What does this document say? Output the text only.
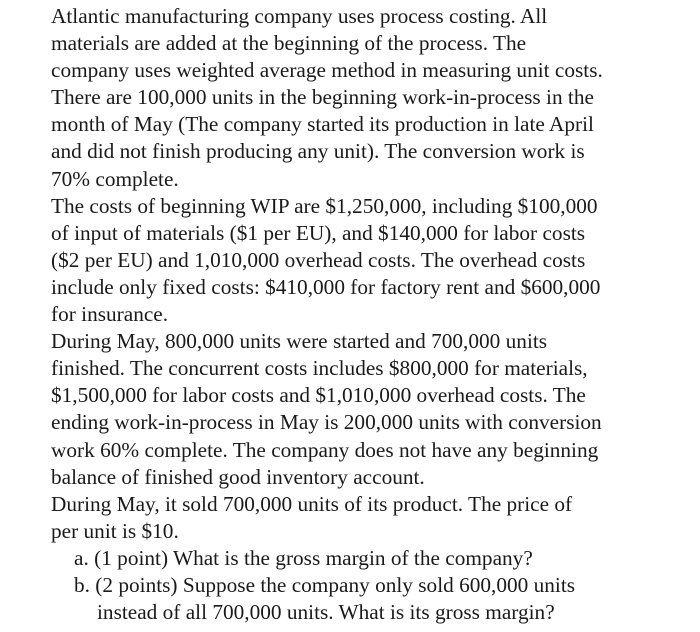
Atlantic manufacturing company uses process costing. All
materials are added at the beginning of the process. The
company uses weighted average method in measuring unit costs.
There are 100,000 units in the beginning work-in-process in the
month of May (The company started its production in late April
and did not finish producing any unit). The conversion work is
70% complete.
The costs of beginning WIP are $1,250,000, including $100,000
of input of materials ($1 per EU), and $140,000 for labor costs
($2 per EU) and 1,010,000 overhead costs. The overhead costs
include only fixed costs: $410,000 for factory rent and $600,000
for insurance.
During May, 800,000 units were started and 700,000 units
finished. The concurrent costs includes $800,000 for materials,
$1,500,000 for labor costs and $1,010,000 overhead costs. The
ending work-in-process in May is 200,000 units with conversion
work 60% complete. The company does not have any beginning
balance of finished good inventory account.
During May, it sold 700,000 units of its product. The price of
per unit is $10.
a. (1 point) What is the gross margin of the company?
b. (2 points) Suppose the company only sold 600,000 units
instead of all 700,000 units. What is its gross margin?
